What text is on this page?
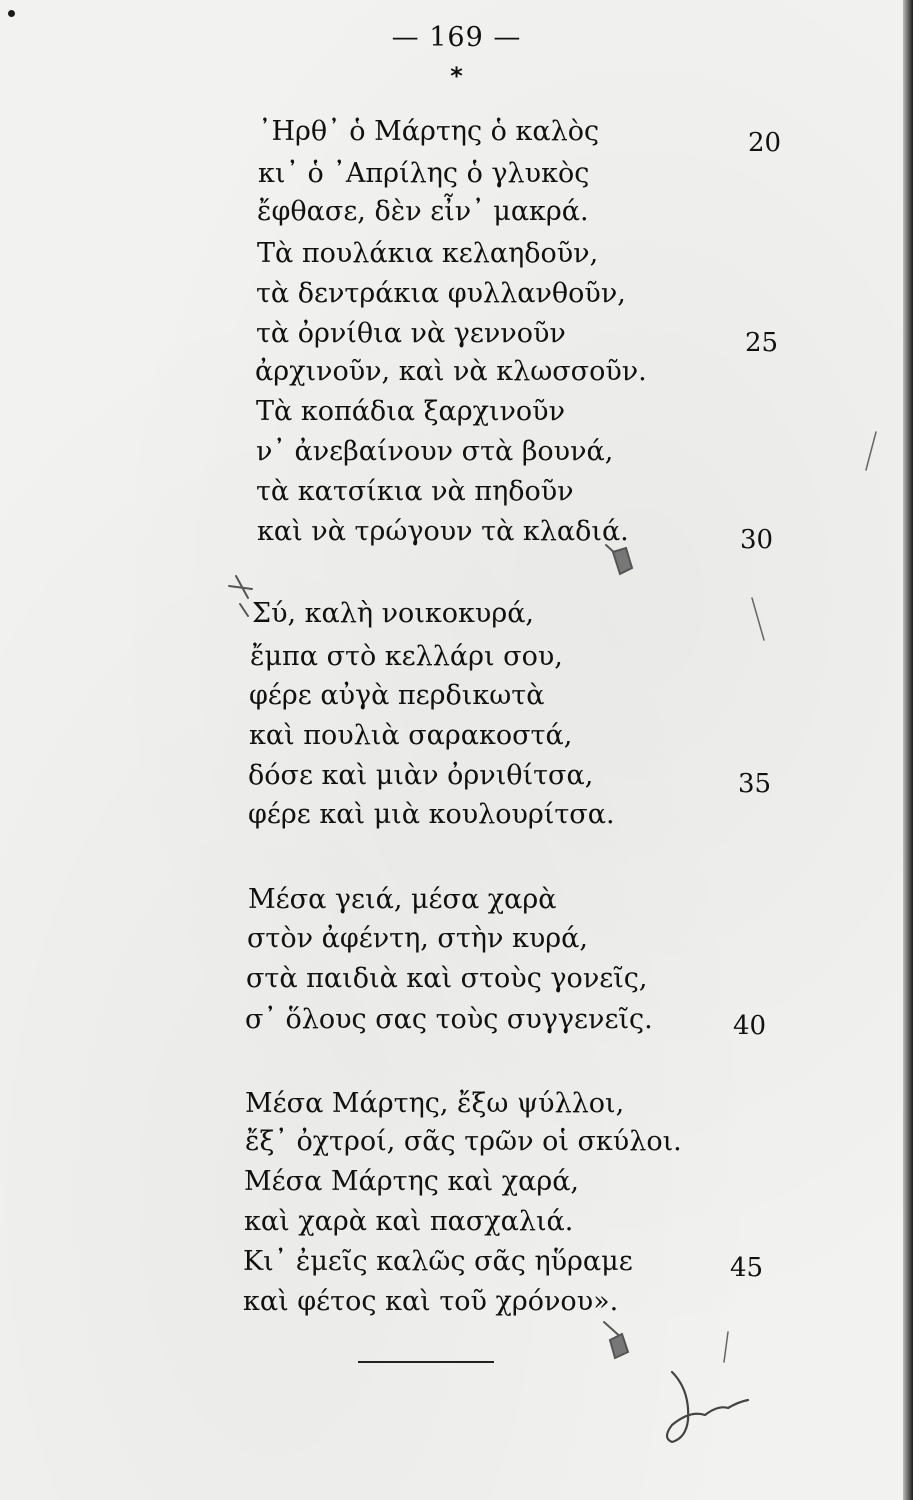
— 169 —
*
᾿Ηρθ᾿ ὁ Μάρτης ὁ καλὸς
κι᾿ ὁ ᾿Απρίλης ὁ γλυκὸς
ἔφθασε, δὲν εἶν᾿ μακρά.
Τὰ πουλάκια κελαηδοῦν,
τὰ δεντράκια φυλλανθοῦν,
τὰ ὀρνίθια νὰ γεννοῦν
ἀρχινοῦν, καὶ νὰ κλωσσοῦν.
Τὰ κοπάδια ξαρχινοῦν
ν᾿ ἀνεβαίνουν στὰ βουνά,
τὰ κατσίκια νὰ πηδοῦν
καὶ νὰ τρώγουν τὰ κλαδιά.
Σύ, καλὴ νοικοκυρά,
ἔμπα στὸ κελλάρι σου,
φέρε αὐγὰ περδικωτὰ
καὶ πουλιὰ σαρακοστά,
δόσε καὶ μιὰν ὀρνιθίτσα,
φέρε καὶ μιὰ κουλουρίτσα.
Μέσα γειά, μέσα χαρὰ
στὸν ἀφέντη, στὴν κυρά,
στὰ παιδιὰ καὶ στοὺς γονεῖς,
σ᾿ ὅλους σας τοὺς συγγενεῖς.
Μέσα Μάρτης, ἔξω ψύλλοι,
ἔξ᾿ ὀχτροί, σᾶς τρῶν οἱ σκύλοι.
Μέσα Μάρτης καὶ χαρά,
καὶ χαρὰ καὶ πασχαλιά.
Κι᾿ ἐμεῖς καλῶς σᾶς ηὕραμε
καὶ φέτος καὶ τοῦ χρόνου».
20
25
30
35
40
45
